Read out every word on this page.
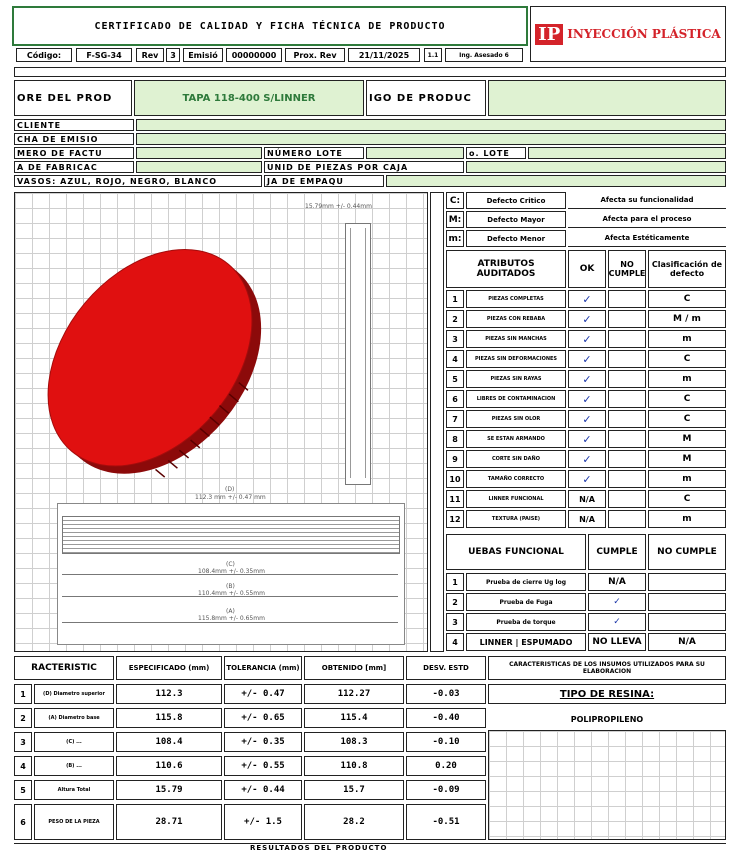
CERTIFICADO DE CALIDAD Y FICHA TÉCNICA DE PRODUCTO	IP INYECCIÓN PLÁSTICA
Código:	F-SG-34	Rev	3	Emisió	00000000	Prox. Rev	21/11/2025	1.1	Ing. Asesado 6
ORE DEL PROD	TAPA 118-400 S/LINNER	IGO DE PRODUC
CLIENTE
CHA DE EMISIO
MERO DE FACTU	NÚMERO LOTE	o. LOTE
A DE FABRICAC	UNID DE PIEZAS POR CAJA
VASOS: AZUL, ROJO, NEGRO, BLANCO	JA DE EMPAQU
15.79mm +/- 0.44mm
(D)
112.3 mm +/- 0.47 mm
(C)
108.4mm +/- 0.35mm
(B)
110.4mm +/- 0.55mm
(A)
115.8mm +/- 0.65mm
C:	Defecto Critico	Afecta su funcionalidad
M:	Defecto Mayor	Afecta para el proceso
m:	Defecto Menor	Afecta Estéticamente
ATRIBUTOS AUDITADOS	OK	NO CUMPLE
Clasificación de defecto
1	PIEZAS COMPLETAS	✓	C
2	PIEZAS CON REBABA	✓	M / m
3	PIEZAS SIN MANCHAS	✓	m
4	PIEZAS SIN DEFORMACIONES	✓	C
5	PIEZAS SIN RAYAS	✓	m
6	LIBRES DE CONTAMINACION	✓	C
7	PIEZAS SIN OLOR	✓	C
8	SE ESTAN ARMANDO	✓	M
9	CORTE SIN DAÑO	✓	M
10	TAMAÑO CORRECTO	✓	m
11	LINNER FUNCIONAL	N/A	C
12	TEXTURA (PAISE)	N/A	m
UEBAS FUNCIONAL	CUMPLE	NO CUMPLE
1	Prueba de cierre Ug log	N/A
2	Prueba de Fuga	✓
3	Prueba de torque	✓
4	LINNER | ESPUMADO	NO LLEVA	N/A
RACTERISTIC	ESPECIFICADO (mm)	TOLERANCIA (mm)	OBTENIDO [mm]	DESV. ESTD
1	(D) Diametro superior	112.3	+/- 0.47	112.27	-0.03
2	(A) Diametro base	115.8	+/- 0.65	115.4	-0.40
3	(C) ...	108.4	+/- 0.35	108.3	-0.10
4	(B) ...	110.6	+/- 0.55	110.8	0.20
5	Altura Total	15.79	+/- 0.44	15.7	-0.09
6	PESO DE LA PIEZA	28.71	+/- 1.5	28.2	-0.51
CARACTERISTICAS DE LOS INSUMOS UTILIZADOS PARA SU ELABORACION
TIPO DE RESINA:
POLIPROPILENO
RESULTADOS DEL PRODUCTO
